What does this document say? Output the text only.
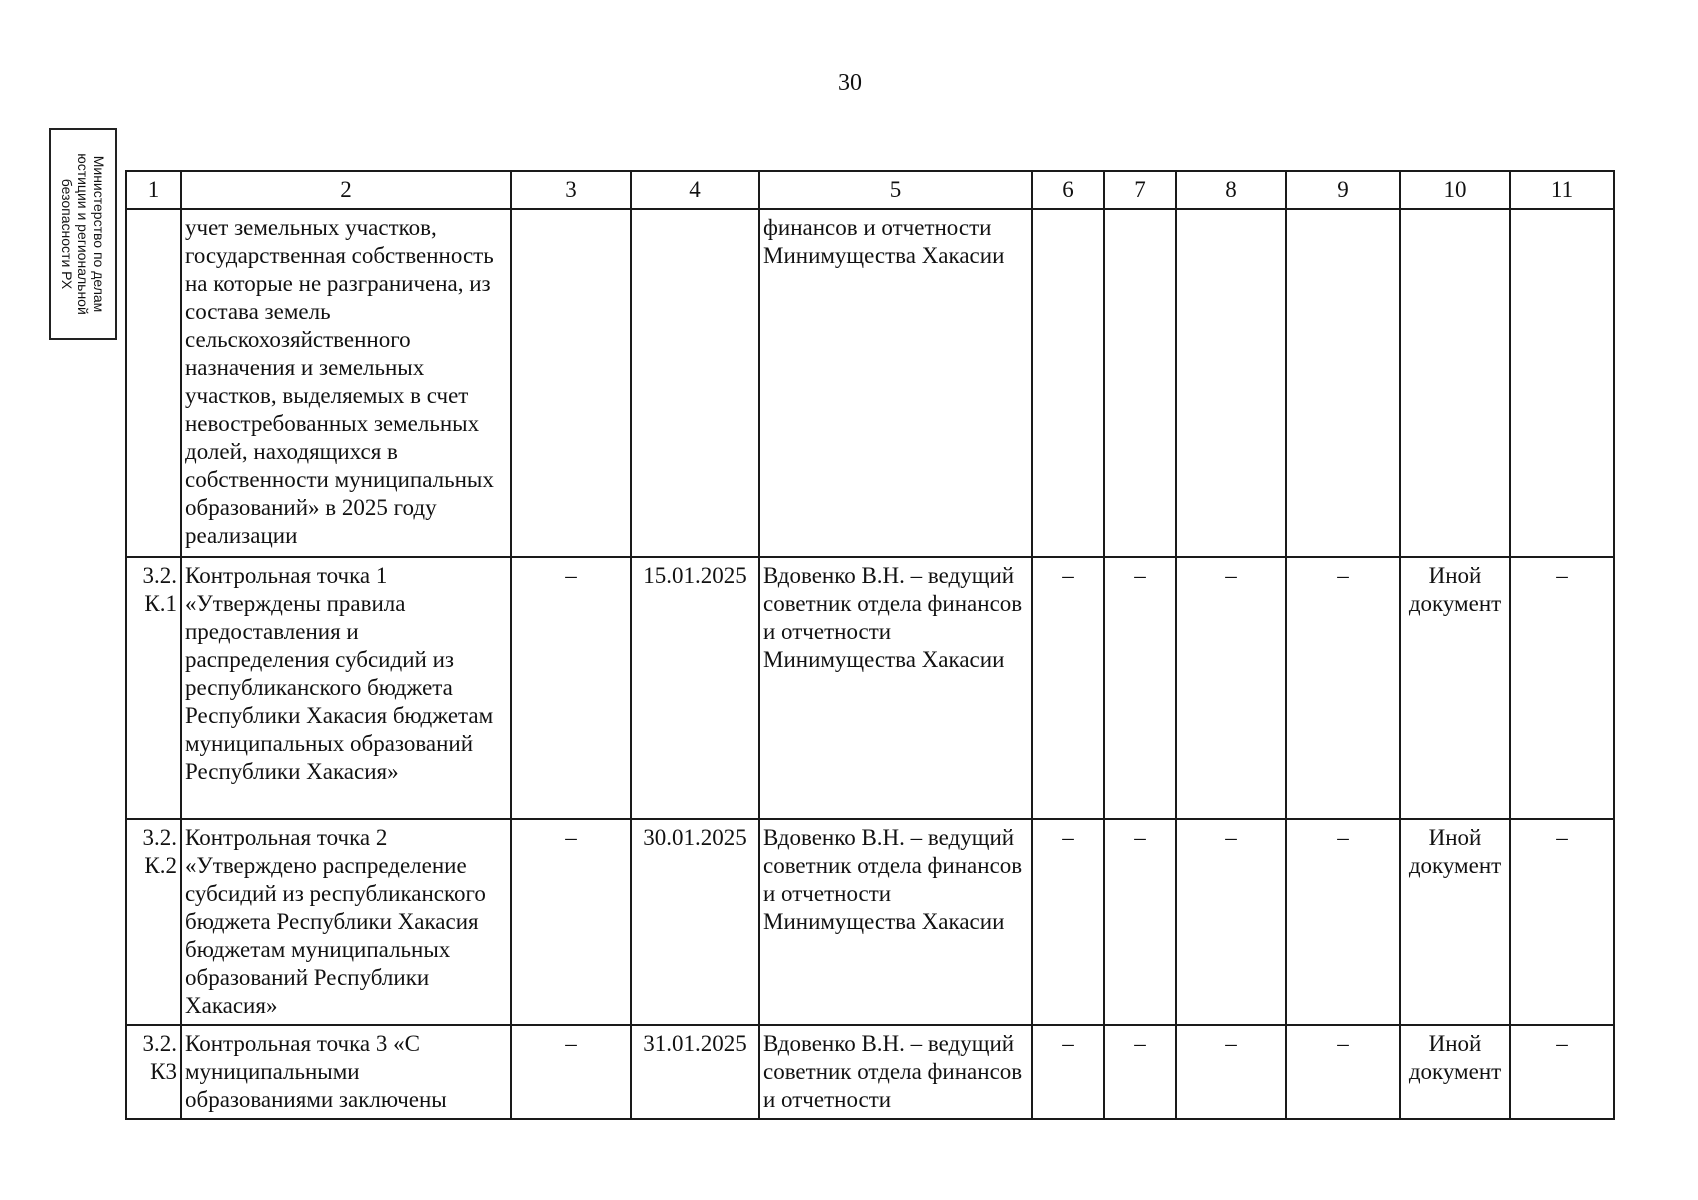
30
Министерство по делам
юстиции и региональной
безопасности РХ	1	2	3	4	5	6	7	8	9	10	11
	учет земельных участков, государственная собственность на которые не разграничена, из состава земель сельскохозяйственного назначения и земельных участков, выделяемых в счет невостребованных земельных долей, находящихся в собственности муниципальных образований» в 2025 году реализации			финансов и отчетности Минимущества Хакасии						
3.2. К.1	Контрольная точка 1 «Утверждены правила предоставления и распределения субсидий из республиканского бюджета Республики Хакасия бюджетам муниципальных образований Республики Хакасия»	–	15.01.2025	Вдовенко В.Н. – ведущий советник отдела финансов и отчетности Минимущества Хакасии	–	–	–	–	Иной документ	–
3.2. К.2	Контрольная точка 2 «Утверждено распределение субсидий из республиканского бюджета Республики Хакасия бюджетам муниципальных образований Республики Хакасия»	–	30.01.2025	Вдовенко В.Н. – ведущий советник отдела финансов и отчетности Минимущества Хакасии	–	–	–	–	Иной документ	–
3.2. К3	Контрольная точка 3 «С муниципальными образованиями заключены	–	31.01.2025	Вдовенко В.Н. – ведущий советник отдела финансов и отчетности	–	–	–	–	Иной документ	–
